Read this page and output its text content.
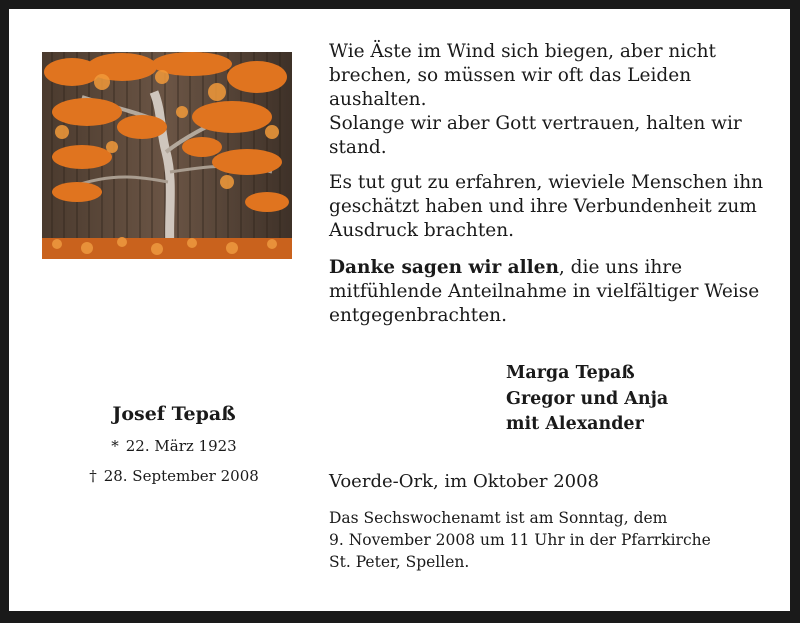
Wie Äste im Wind sich biegen, aber nicht
brechen, so müssen wir oft das Leiden
aushalten.
Solange wir aber Gott vertrauen, halten wir
stand.
Es tut gut zu erfahren, wieviele Menschen ihn
geschätzt haben und ihre Verbundenheit zum
Ausdruck brachten.
Danke sagen wir allen, die uns ihre
mitfühlende Anteilnahme in vielfältiger Weise
entgegenbrachten.
Marga Tepaß
Gregor und Anja
mit Alexander
Josef Tepaß
* 22. März 1923
† 28. September 2008	Voerde-Ork, im Oktober 2008
Das Sechswochenamt ist am Sonntag, dem
9. November 2008 um 11 Uhr in der Pfarrkirche
St. Peter, Spellen.
